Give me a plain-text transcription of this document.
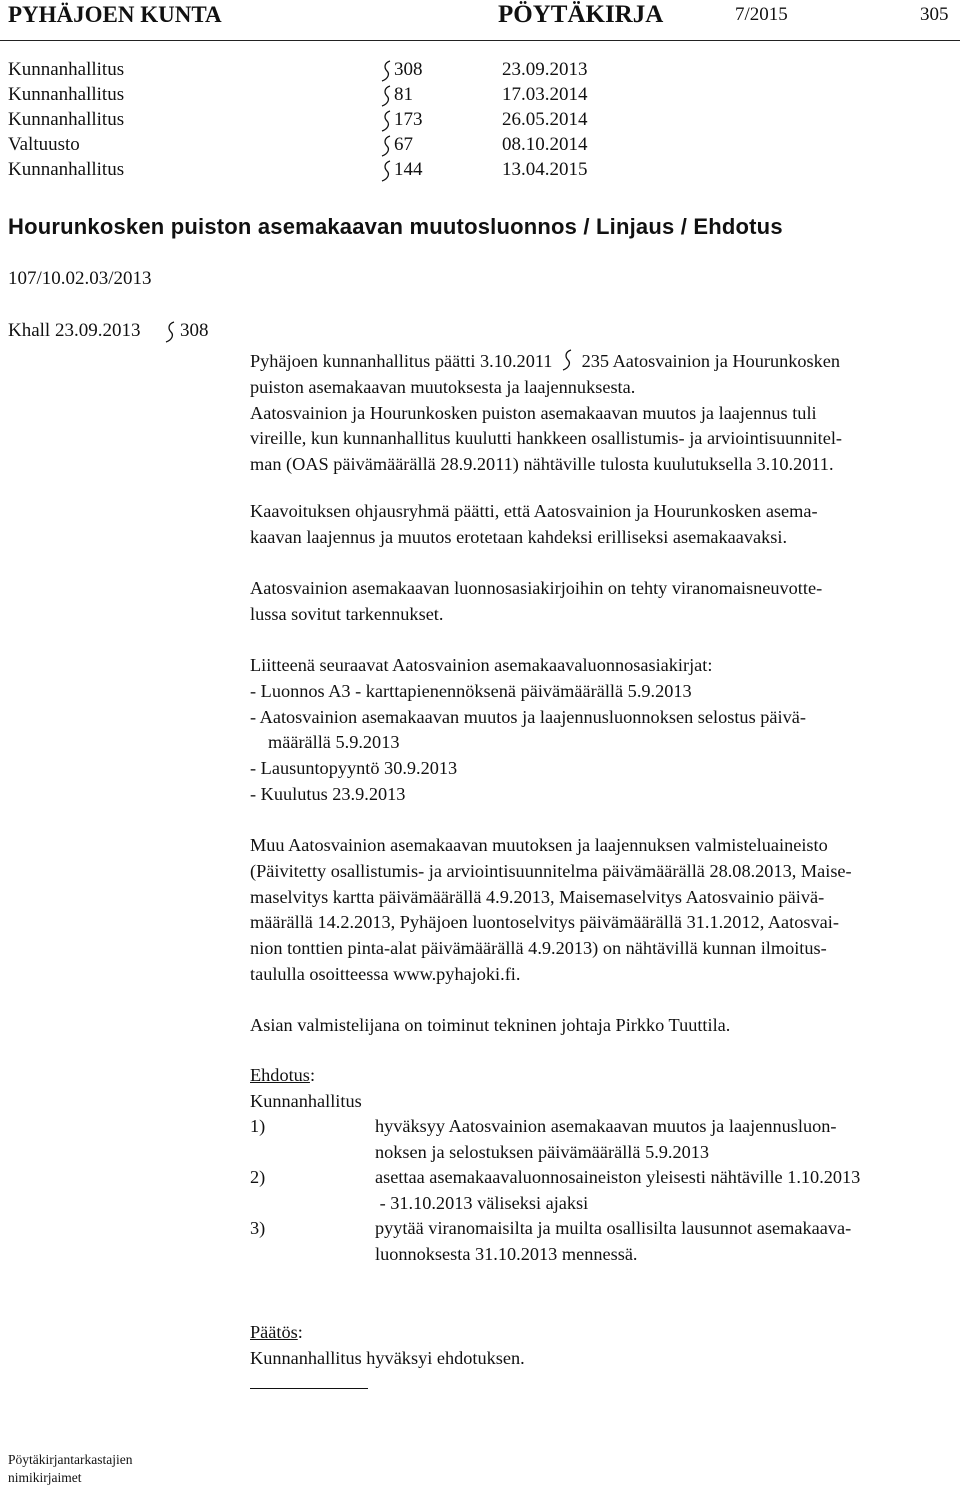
PYHÄJOEN KUNTA	PÖYTÄKIRJA	7/2015	305
Kunnanhallitus	308	23.09.2013
Kunnanhallitus	81	17.03.2014
Kunnanhallitus	173	26.05.2014
Valtuusto	67	08.10.2014
Kunnanhallitus	144	13.04.2015
Hourunkosken puiston asemakaavan muutosluonnos / Linjaus / Ehdotus
107/10.02.03/2013
Khall 23.09.2013 308

Pyhäjoen kunnanhallitus päätti 3.10.2011 235 Aatosvainion ja Hourunkosken

puiston asemakaavan muutoksesta ja laajennuksesta.

Aatosvainion ja Hourunkosken puiston asemakaavan muutos ja laajennus tuli

vireille, kun kunnanhallitus kuulutti hankkeen osallistumis- ja arviointisuunnitel-

man (OAS päivämäärällä 28.9.2011) nähtäville tulosta kuulutuksella 3.10.2011.

Kaavoituksen ohjausryhmä päätti, että Aatosvainion ja Hourunkosken asema-

kaavan laajennus ja muutos erotetaan kahdeksi erilliseksi asemakaavaksi.

Aatosvainion asemakaavan luonnosasiakirjoihin on tehty viranomaisneuvotte-

lussa sovitut tarkennukset.

Liitteenä seuraavat Aatosvainion asemakaavaluonnosasiakirjat:

- Luonnos A3 - karttapienennöksenä päivämäärällä 5.9.2013

- Aatosvainion asemakaavan muutos ja laajennusluonnoksen selostus päivä-

määrällä 5.9.2013

- Lausuntopyyntö 30.9.2013

- Kuulutus 23.9.2013

Muu Aatosvainion asemakaavan muutoksen ja laajennuksen valmisteluaineisto

(Päivitetty osallistumis- ja arviointisuunnitelma päivämäärällä 28.08.2013, Maise-

maselvitys kartta päivämäärällä 4.9.2013, Maisemaselvitys Aatosvainio päivä-

määrällä 14.2.2013, Pyhäjoen luontoselvitys päivämäärällä 31.1.2012, Aatosvai-

nion tonttien pinta-alat päivämäärällä 4.9.2013) on nähtävillä kunnan ilmoitus-

taululla osoitteessa www.pyhajoki.fi.

Asian valmistelijana on toiminut tekninen johtaja Pirkko Tuuttila.

Ehdotus:

Kunnanhallitus

1)	hyväksyy Aatosvainion asemakaavan muutos ja laajennusluon-
noksen ja selostuksen päivämäärällä 5.9.2013
2)	asettaa asemakaavaluonnosaineiston yleisesti nähtäville 1.10.2013
- 31.10.2013 väliseksi ajaksi
3)	pyytää viranomaisilta ja muilta osallisilta lausunnot asemakaava-
luonnoksesta 31.10.2013 mennessä.

Päätös:

Kunnanhallitus hyväksyi ehdotuksen.

Pöytäkirjantarkastajien
nimikirjaimet
